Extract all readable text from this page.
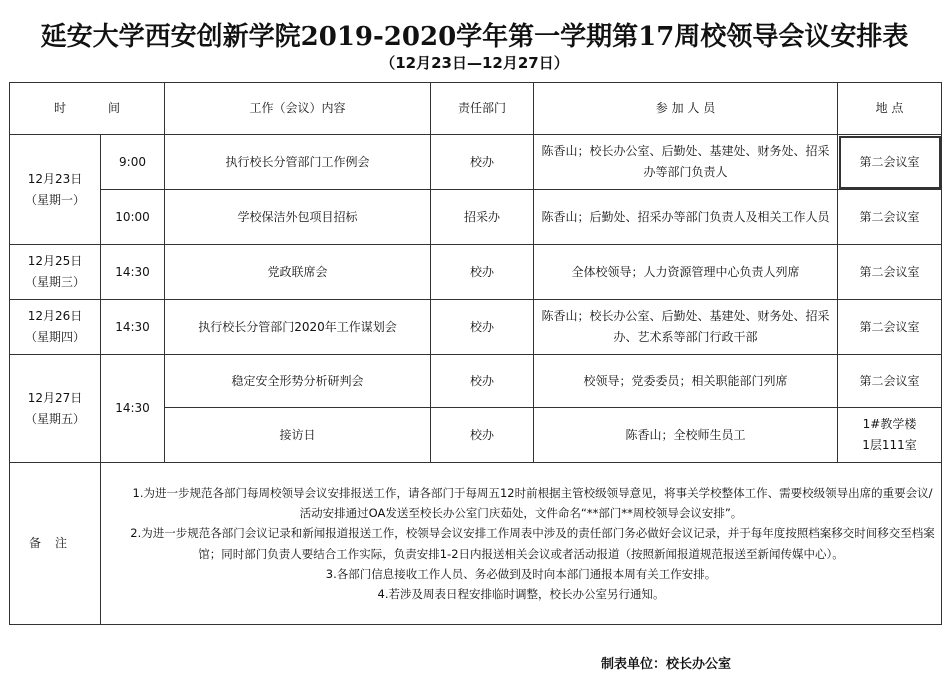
延安大学西安创新学院2019-2020学年第一学期第17周校领导会议安排表
（12月23日—12月27日）
时 间		工作（会议）内容	责任部门	参 加 人 员	地 点

12月23日
（星期一）	9:00	执行校长分管部门工作例会	校办	陈香山；校长办公室、后勤处、基建处、财务处、招采办等部门负责人	第二会议室
	10:00	学校保洁外包项目招标	招采办	陈香山；后勤处、招采办等部门负责人及相关工作人员	第二会议室

12月25日
（星期三）	14:30	党政联席会	校办	全体校领导；人力资源管理中心负责人列席	第二会议室

12月26日
（星期四）	14:30	执行校长分管部门2020年工作谋划会	校办	陈香山；校长办公室、后勤处、基建处、财务处、招采办、艺术系等部门行政干部	第二会议室

12月27日
（星期五）	14:30	稳定安全形势分析研判会	校办	校领导；党委委员；相关职能部门列席	第二会议室
		接访日	校办	陈香山；全校师生员工	1#教学楼
1层111室

备注	1.为进一步规范各部门每周校领导会议安排报送工作，请各部门于每周五12时前根据主管校级领导意见，将事关学校整体工作、需要校级领导出席的重要会议/活动安排通过OA发送至校长办公室门庆茹处，文件命名“**部门**周校领导会议安排”。

2.为进一步规范各部门会议记录和新闻报道报送工作，校领导会议安排工作周表中涉及的责任部门务必做好会议记录，并于每年度按照档案移交时间移交至档案馆；同时部门负责人要结合工作实际，负责安排1-2日内报送相关会议或者活动报道（按照新闻报道规范报送至新闻传媒中心）。

3.各部门信息接收工作人员、务必做到及时向本部门通报本周有关工作安排。

4.若涉及周表日程安排临时调整，校长办公室另行通知。				

制表单位：校长办公室
